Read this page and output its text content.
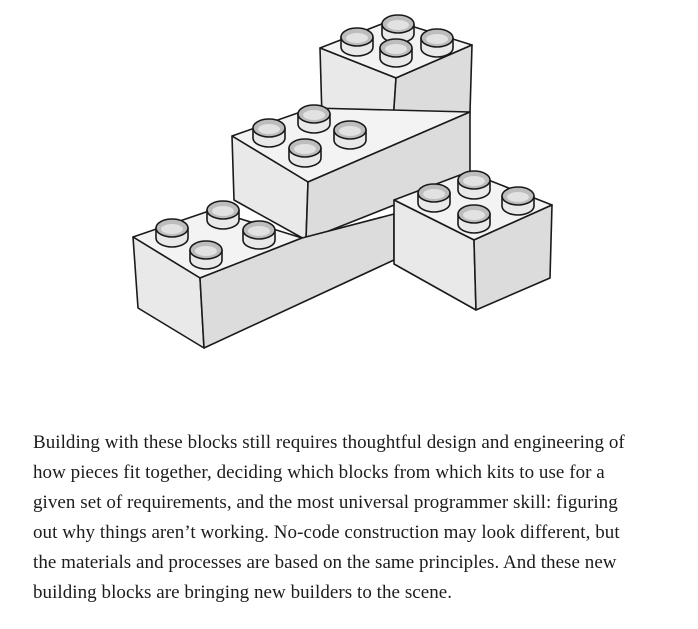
Building with these blocks still requires thoughtful design and engineering of
how pieces fit together, deciding which blocks from which kits to use for a
given set of requirements, and the most universal programmer skill: figuring
out why things aren’t working. No-code construction may look different, but
the materials and processes are based on the same principles. And these new
building blocks are bringing new builders to the scene.
